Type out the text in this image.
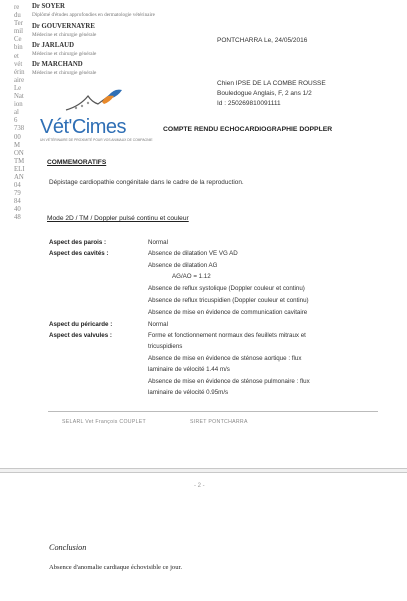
re
du
Ter
mil
Ce
bin
et
vét
érin
aire
Le
Nat
ion
al
6
738
00
M
ON
TM
ELI
AN
04
79
84
40
48
Dr SOYER
Diplômé d'études approfondies en dermatologie vétérinaire
Dr GOUVERNAYRE
Médecine et chirurgie générale
Dr JARLAUD
Médecine et chirurgie générale
Dr MARCHAND
Médecine et chirurgie générale
PONTCHARRA Le, 24/05/2016
Chien IPSE DE LA COMBE ROUSSE
Bouledogue Anglais, F, 2 ans 1/2
Id : 250269810091111
Vét'Cimes
UN VÉTÉRINAIRE DE PROXIMITÉ POUR VOS ANIMAUX DE COMPAGNIE
COMPTE RENDU ECHOCARDIOGRAPHIE DOPPLER
COMMEMORATIFS
Dépistage cardiopathie congénitale dans le cadre de la reproduction.
Mode 2D / TM / Doppler pulsé continu et couleur
Aspect des parois :	Normal
Aspect des cavités :	Absence de dilatation VE VG AD
Absence de dilatation AG
AG/AO = 1.12
Absence de reflux systolique (Doppler couleur et continu)
Absence de reflux tricuspidien (Doppler couleur et continu)
Absence de mise en évidence de communication cavitaire
Aspect du péricarde :	Normal
Aspect des valvules :	Forme et fonctionnement normaux des feuillets mitraux et
tricuspidiens
Absence de mise en évidence de sténose aortique : flux
laminaire de vélocité 1.44 m/s
Absence de mise en évidence de sténose pulmonaire : flux
laminaire de vélocité 0.95m/s
SELARL Vet François COUPLET	SIRET PONTCHARRA
- 2 -
Conclusion
Absence d'anomalie cardiaque échovisible ce jour.
